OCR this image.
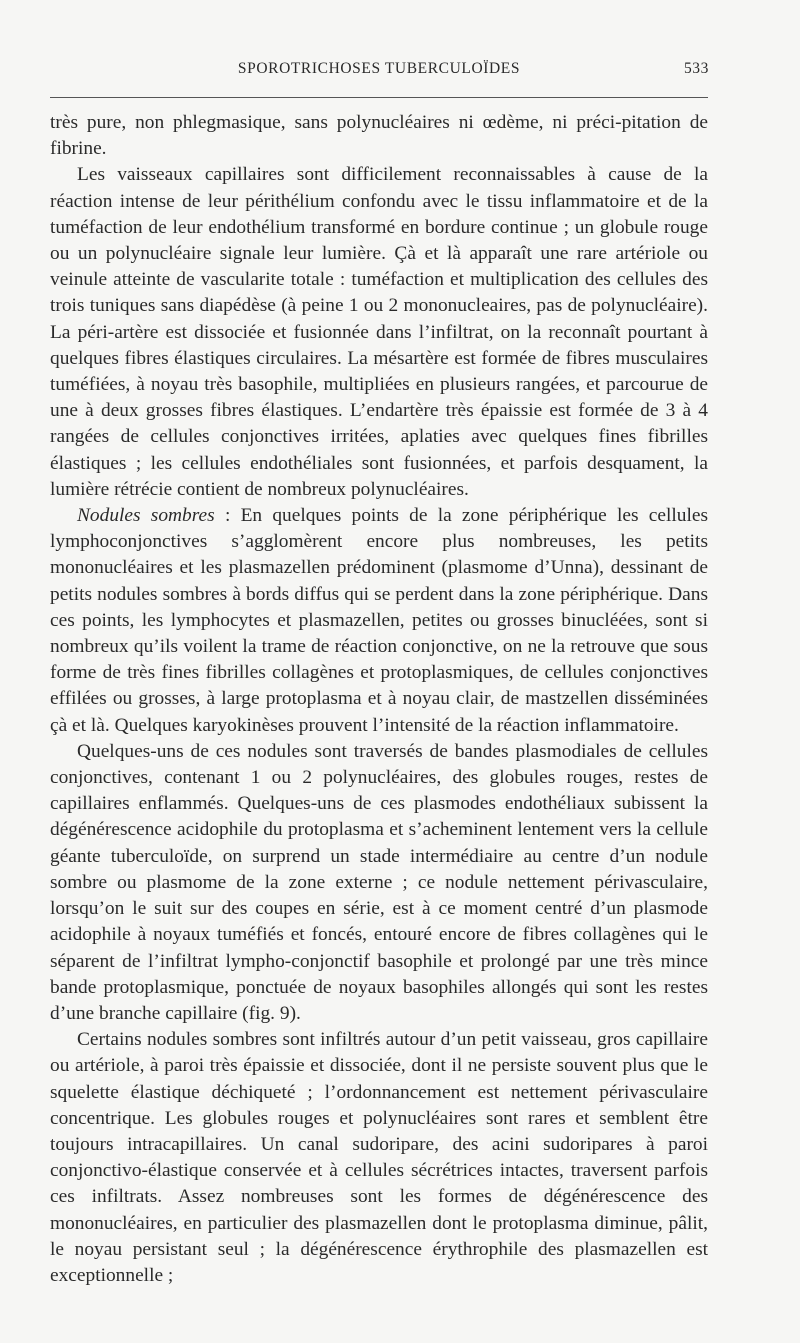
SPOROTRICHOSES TUBERCULOÏDES	533

très pure, non phlegmasique, sans polynucléaires ni œdème, ni préci-pitation de fibrine.

Les vaisseaux capillaires sont difficilement reconnaissables à cause de la réaction intense de leur périthélium confondu avec le tissu inflammatoire et de la tuméfaction de leur endothélium transformé en bordure continue ; un globule rouge ou un polynucléaire signale leur lumière. Çà et là apparaît une rare artériole ou veinule atteinte de vascularite totale : tuméfaction et multiplication des cellules des trois tuniques sans diapédèse (à peine 1 ou 2 mononucleaires, pas de polynucléaire). La péri-artère est dissociée et fusionnée dans l’infiltrat, on la reconnaît pourtant à quelques fibres élastiques circulaires. La mésartère est formée de fibres musculaires tuméfiées, à noyau très basophile, multipliées en plusieurs rangées, et parcourue de une à deux grosses fibres élastiques. L’endartère très épaissie est formée de 3 à 4 rangées de cellules conjonctives irritées, aplaties avec quelques fines fibrilles élastiques ; les cellules endothéliales sont fusionnées, et parfois desquament, la lumière rétrécie contient de nombreux polynucléaires.

Nodules sombres : En quelques points de la zone périphérique les cellules lymphoconjonctives s’agglomèrent encore plus nombreuses, les petits mononucléaires et les plasmazellen prédominent (plasmome d’Unna), dessinant de petits nodules sombres à bords diffus qui se perdent dans la zone périphérique. Dans ces points, les lymphocytes et plasmazellen, petites ou grosses binucléées, sont si nombreux qu’ils voilent la trame de réaction conjonctive, on ne la retrouve que sous forme de très fines fibrilles collagènes et protoplasmiques, de cellules conjonctives effilées ou grosses, à large protoplasma et à noyau clair, de mastzellen disséminées çà et là. Quelques karyokinèses prouvent l’intensité de la réaction inflammatoire.

Quelques-uns de ces nodules sont traversés de bandes plasmodiales de cellules conjonctives, contenant 1 ou 2 polynucléaires, des globules rouges, restes de capillaires enflammés. Quelques-uns de ces plasmodes endothéliaux subissent la dégénérescence acidophile du protoplasma et s’acheminent lentement vers la cellule géante tuberculoïde, on surprend un stade intermédiaire au centre d’un nodule sombre ou plasmome de la zone externe ; ce nodule nettement périvasculaire, lorsqu’on le suit sur des coupes en série, est à ce moment centré d’un plasmode acidophile à noyaux tuméfiés et foncés, entouré encore de fibres collagènes qui le séparent de l’infiltrat lympho-conjonctif basophile et prolongé par une très mince bande protoplasmique, ponctuée de noyaux basophiles allongés qui sont les restes d’une branche capillaire (fig. 9).

Certains nodules sombres sont infiltrés autour d’un petit vaisseau, gros capillaire ou artériole, à paroi très épaissie et dissociée, dont il ne persiste souvent plus que le squelette élastique déchiqueté ; l’ordonnancement est nettement périvasculaire concentrique. Les globules rouges et polynucléaires sont rares et semblent être toujours intracapillaires. Un canal sudoripare, des acini sudoripares à paroi conjonctivo-élastique conservée et à cellules sécrétrices intactes, traversent parfois ces infiltrats. Assez nombreuses sont les formes de dégénérescence des mononucléaires, en particulier des plasmazellen dont le protoplasma diminue, pâlit, le noyau persistant seul ; la dégénérescence érythrophile des plasmazellen est exceptionnelle ;
